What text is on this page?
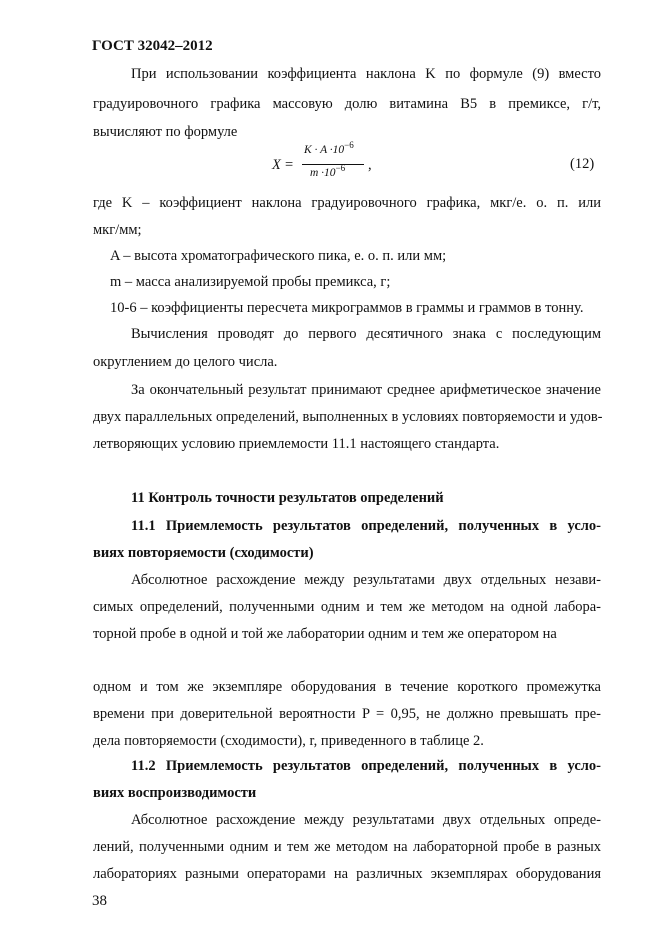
ГОСТ 32042–2012
При использовании коэффициента наклона K по формуле (9) вместо
градуировочного графика массовую долю витамина В5 в премиксе, г/т,
вычисляют по формуле
X =
$K \cdot A \cdot 10^{-6}$
$m \cdot 10^{-6}$ ,	(12)
где K – коэффициент наклона градуировочного графика, мкг/е. о. п. или
мкг/мм;
A – высота хроматографического пика, е. о. п. или мм;
m – масса анализируемой пробы премикса, г;
10-6 – коэффициенты пересчета микрограммов в граммы и граммов в тонну.
Вычисления проводят до первого десятичного знака с последующим
округлением до целого числа.
За окончательный результат принимают среднее арифметическое значение
двух параллельных определений, выполненных в условиях повторяемости и удов-
летворяющих условию приемлемости 11.1 настоящего стандарта.
11 Контроль точности результатов определений
11.1 Приемлемость результатов определений, полученных в усло-
виях повторяемости (сходимости)
Абсолютное расхождение между результатами двух отдельных незави-
симых определений, полученными одним и тем же методом на одной лабора-
торной пробе в одной и той же лаборатории одним и тем же оператором на
одном и том же экземпляре оборудования в течение короткого промежутка
времени при доверительной вероятности P = 0,95, не должно превышать пре-
дела повторяемости (сходимости), r, приведенного в таблице 2.
11.2 Приемлемость результатов определений, полученных в усло-
виях воспроизводимости
Абсолютное расхождение между результатами двух отдельных опреде-
лений, полученными одним и тем же методом на лабораторной пробе в разных
лабораториях разными операторами на различных экземплярах оборудования
38
